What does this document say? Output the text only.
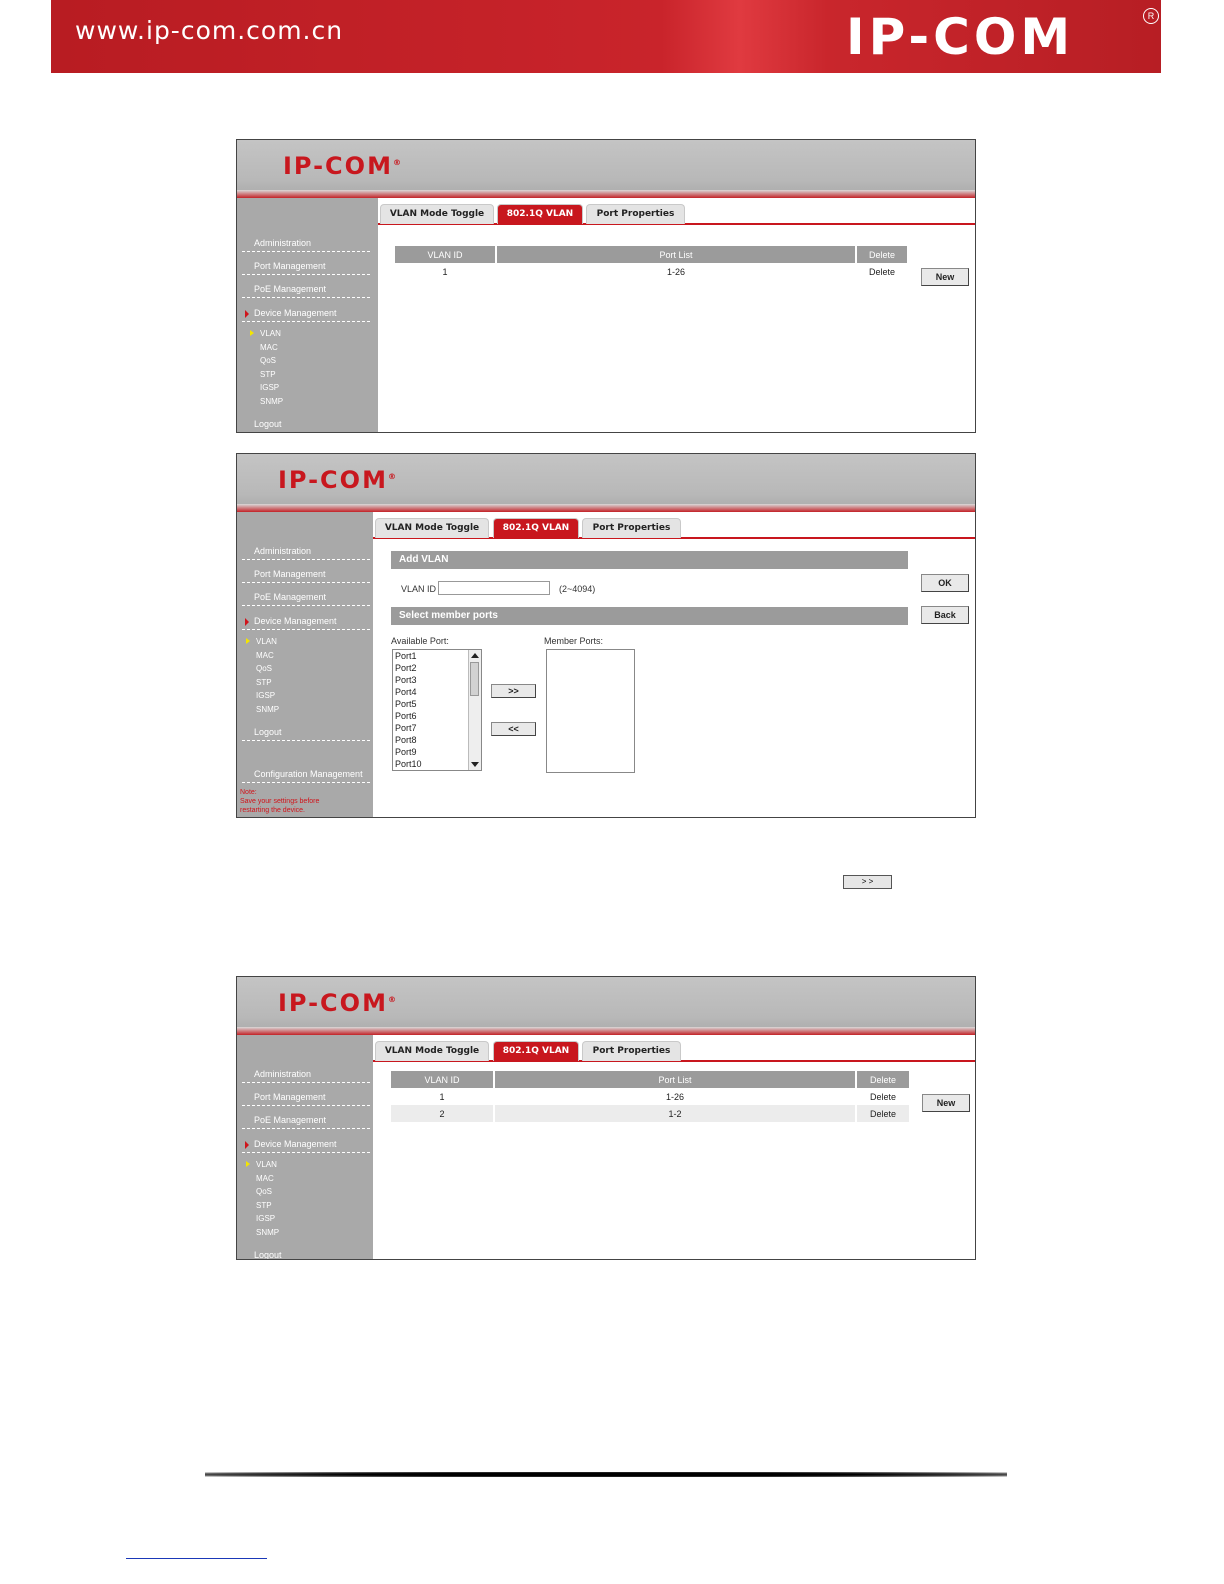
www.ip-com.com.cn	IP-COM	R
IP-COM®
Administration
Port Management
PoE Management
Device Management
VLAN
MAC
QoS
STP
IGSP
SNMP
Logout
VLAN Mode Toggle	802.1Q VLAN	Port Properties
VLAN ID	Port List	Delete
1	1-26	Delete
New
IP-COM®
Administration
Port Management
PoE Management
Device Management
VLAN
MAC
QoS
STP
IGSP
SNMP
Logout
Configuration Management
Note:
Save your settings before
restarting the device.
VLAN Mode Toggle	802.1Q VLAN	Port Properties
Add VLAN
VLAN ID	(2~4094)
OK
Select member ports	Back
Available Port:	Member Ports:
Port1
Port2
Port3
Port4
Port5
Port6
Port7
Port8
Port9
Port10
>>
<<
> >
IP-COM®
Administration
Port Management
PoE Management
Device Management
VLAN
MAC
QoS
STP
IGSP
SNMP
Logout
VLAN Mode Toggle	802.1Q VLAN	Port Properties
VLAN ID	Port List	Delete
1	1-26	Delete
2	1-2	Delete
New
